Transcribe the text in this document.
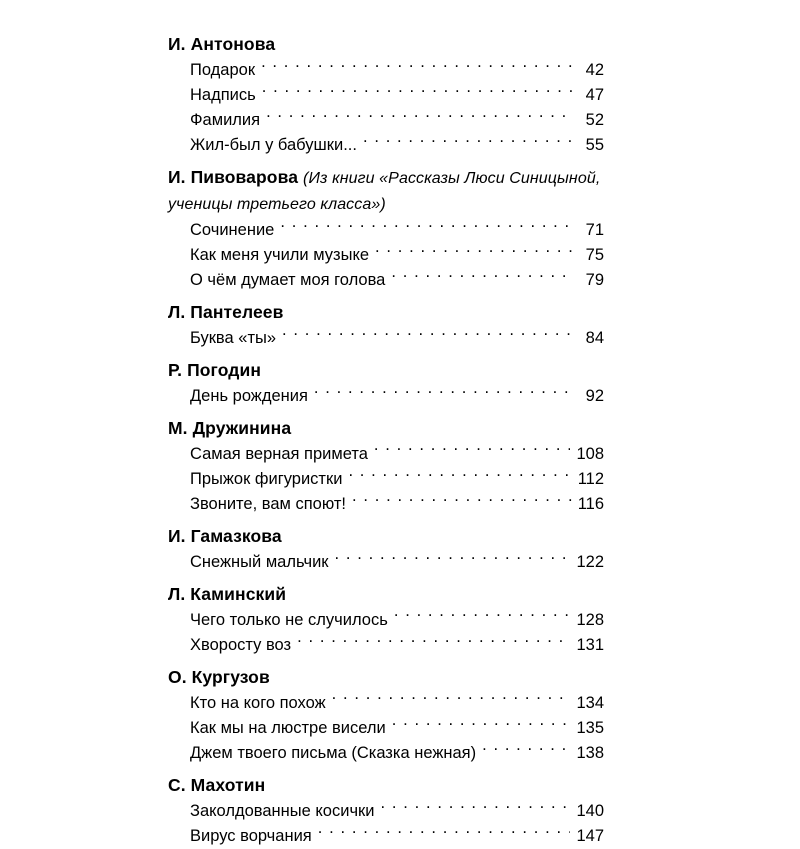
И. Антонова
Подарок . . .	42
Надпись . . .	47
Фамилия . . .	52
Жил-был у бабушки... . . .	55
И. Пивоварова (Из книги «Рассказы Люси Синицыной, ученицы третьего класса»)
Сочинение . . .	71
Как меня учили музыке . . .	75
О чём думает моя голова . . .	79
Л. Пантелеев
Буква «ты» . . .	84
Р. Погодин
День рождения . . .	92
М. Дружинина
Самая верная примета . . .	108
Прыжок фигуристки . . .	112
Звоните, вам споют! . . .	116
И. Гамазкова
Снежный мальчик . . .	122
Л. Каминский
Чего только не случилось . . .	128
Хворосту воз . . .	131
О. Кургузов
Кто на кого похож . . .	134
Как мы на люстре висели . . .	135
Джем твоего письма (Сказка нежная) . . .	138
С. Махотин
Заколдованные косички . . .	140
Вирус ворчания . . .	147
